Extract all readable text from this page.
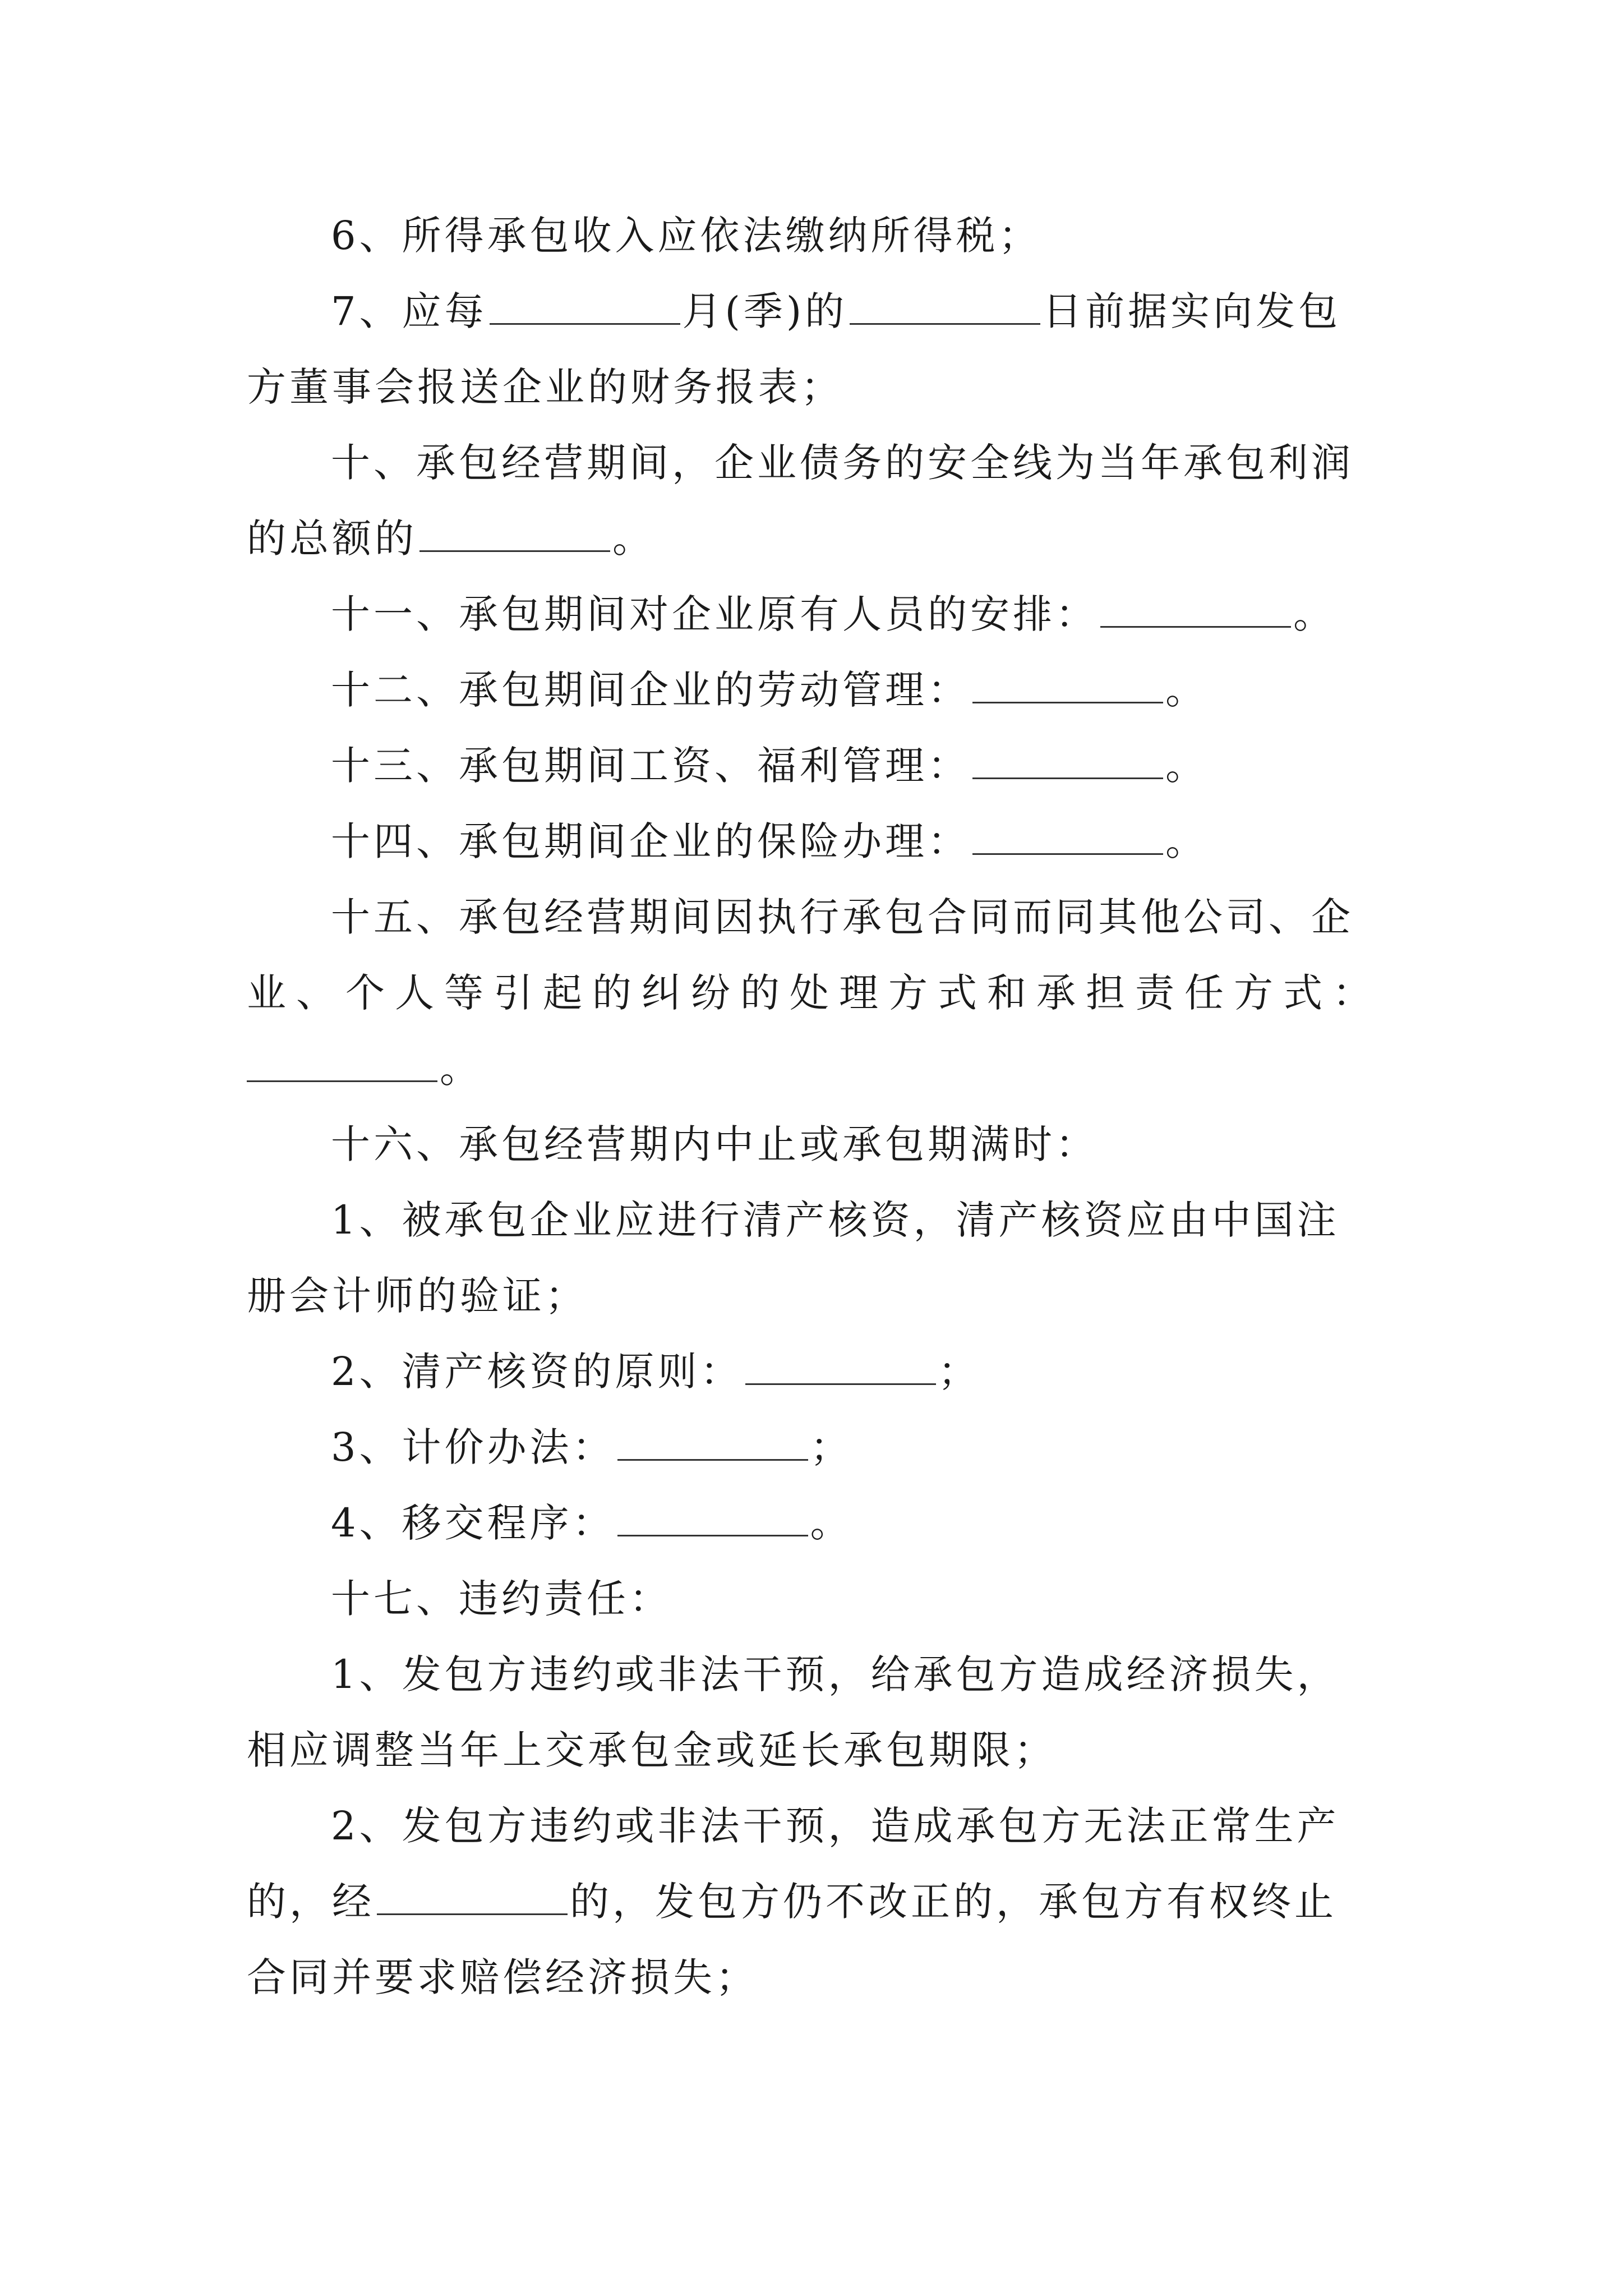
6、所得承包收入应依法缴纳所得税；
7、应每	月(季)的	日前据实向发包
方董事会报送企业的财务报表；
十、承包经营期间，企业债务的安全线为当年承包利润
的总额的	。
十一、承包期间对企业原有人员的安排：	。
十二、承包期间企业的劳动管理：	。
十三、承包期间工资、福利管理：	。
十四、承包期间企业的保险办理：	。
十五、承包经营期间因执行承包合同而同其他公司、企
业、个人等引起的纠纷的处理方式和承担责任方式：
。
十六、承包经营期内中止或承包期满时：
1、被承包企业应进行清产核资，清产核资应由中国注
册会计师的验证；
2、清产核资的原则：	；
3、计价办法：	；
4、移交程序：	。
十七、违约责任：
1、发包方违约或非法干预，给承包方造成经济损失，
相应调整当年上交承包金或延长承包期限；
2、发包方违约或非法干预，造成承包方无法正常生产
的，经	的，发包方仍不改正的，承包方有权终止
合同并要求赔偿经济损失；
